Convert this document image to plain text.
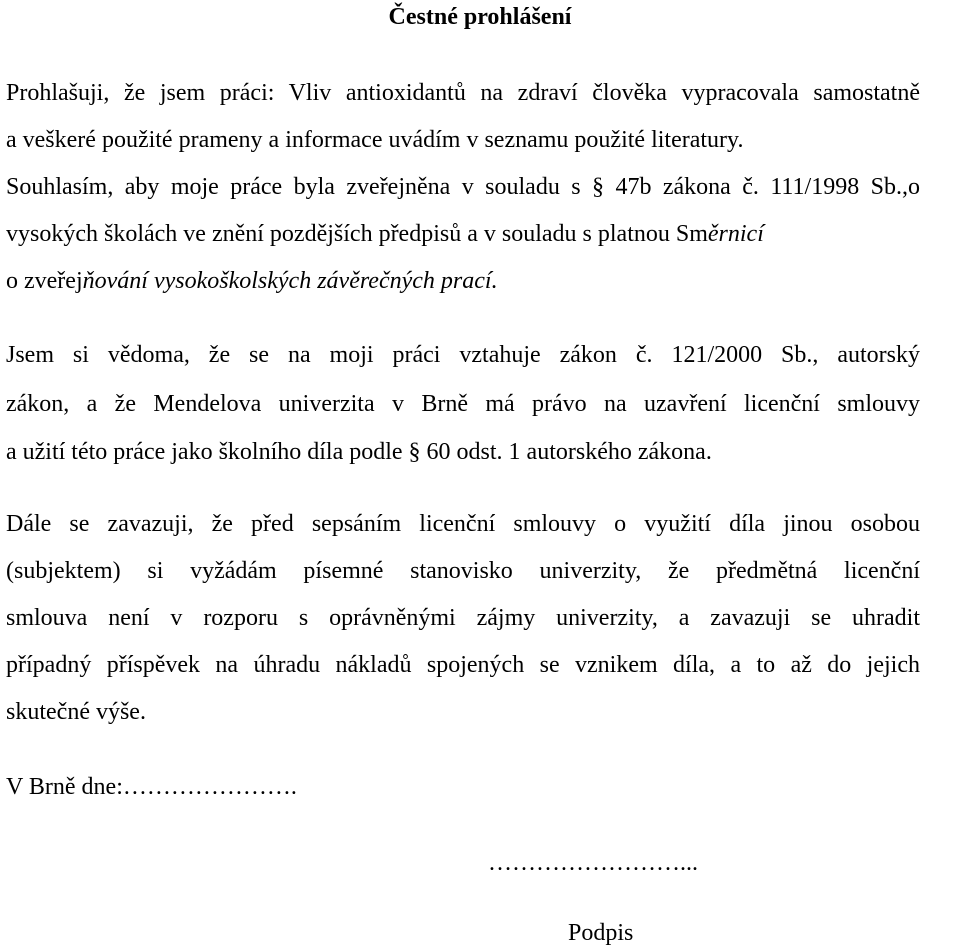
Čestné prohlášení
Prohlašuji, že jsem práci: Vliv antioxidantů na zdraví člověka vypracovala samostatně
a veškeré použité prameny a informace uvádím v seznamu použité literatury.
Souhlasím, aby moje práce byla zveřejněna v souladu s § 47b zákona č. 111/1998 Sb.,o
vysokých školách ve znění pozdějších předpisů a v souladu s platnou Směrnicí
o zveřejňování vysokoškolských závěrečných prací.
Jsem si vědoma, že se na moji práci vztahuje zákon č. 121/2000 Sb., autorský
zákon, a že Mendelova univerzita v Brně má právo na uzavření licenční smlouvy
a užití této práce jako školního díla podle § 60 odst. 1 autorského zákona.
Dále se zavazuji, že před sepsáním licenční smlouvy o využití díla jinou osobou
(subjektem) si vyžádám písemné stanovisko univerzity, že předmětná licenční
smlouva není v rozporu s oprávněnými zájmy univerzity, a zavazuji se uhradit
případný příspěvek na úhradu nákladů spojených se vznikem díla, a to až do jejich
skutečné výše.
V Brně dne:………………….
……………………...
Podpis
